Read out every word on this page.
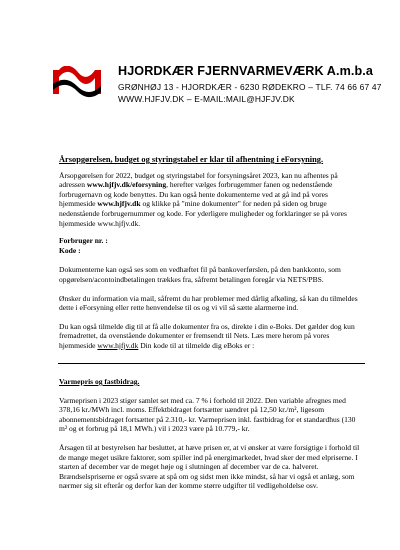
HJORDKÆR FJERNVARMEVÆRK A.m.b.a
GRØNHØJ 13 - HJORDKÆR - 6230 RØDEKRO – TLF. 74 66 67 47
WWW.HJFJV.DK – E-MAIL:MAIL@HJFJV.DK

Årsopgørelsen, budget og styringstabel er klar til afhentning i eForsyning.

Årsopgørelsen for 2022, budget og styringstabel for forsyningsåret 2023, kan nu afhentes på adressen www.hjfjv.dk/eforsyning, herefter vælges forbrugemmer fanen og nedenstående forbrugernavn og kode benyttes. Du kan også hente dokumenterne ved at gå ind på vores hjemmeside www.hjfjv.dk og klikke på "mine dokumenter" for neden på siden og bruge nedenstående forbrugernummer og kode. For yderligere muligheder og forklaringer se på vores hjemmeside www.hjfjv.dk.

Forbruger nr. :

Kode :

Dokumenterne kan også ses som en vedhæftet fil på bankoverførslen, på den bankkonto, som opgørelsen/acontoindbetalingen trækkes fra, såfremt betalingen foregår via NETS/PBS.

Ønsker du information via mail, såfremt du har problemer med dårlig afkøling, så kan du tilmeldes dette i eForsyning eller rette henvendelse til os og vi vil så sætte alarmerne ind.

Du kan også tilmelde dig til at få alle dokumenter fra os, direkte i din e-Boks. Det gælder dog kun fremadrettet, da ovenstående dokumenter er fremsendt til Nets. Læs mere herom på vores hjemmeside www.hjfjv.dk Din kode til at tilmelde dig eBoks er :

Varmepris og fastbidrag.

Varmeprisen i 2023 stiger samlet set med ca. 7 % i forhold til 2022. Den variable afregnes med 378,16 kr./MWh incl. moms. Effektbidraget fortsætter uændret på 12,50 kr./m², ligesom abonnementsbidraget fortsætter på 2.310,- kr. Varmeprisen inkl. fastbidrag for et standardhus (130 m² og et forbrug på 18,1 MWh.) vil i 2023 være på 10.779,- kr.

Årsagen til at bestyrelsen har besluttet, at hæve prisen er, at vi ønsker at være forsigtige i forhold til de mange meget usikre faktorer, som spiller ind på energimarkedet, hvad sker der med elpriserne. I starten af december var de meget høje og i slutningen af december var de ca. halveret. Brændselspriserne er også svære at spå om og sidst men ikke mindst, så har vi også et anlæg, som nærmer sig sit efterår og derfor kan der komme større udgifter til vedligeholdelse osv.
